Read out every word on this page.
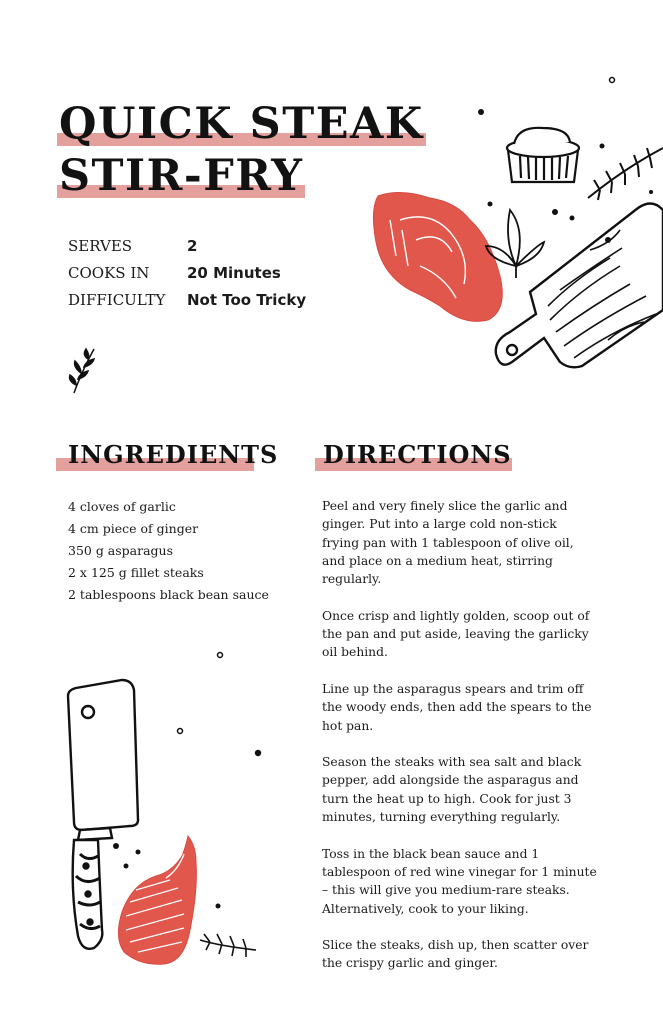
QUICK STEAK
STIR-FRY
SERVES	2
COOKS IN	20 Minutes
DIFFICULTY	Not Too Tricky
INGREDIENTS DIRECTIONS
4 cloves of garlic
4 cm piece of ginger
350 g asparagus
2 x 125 g fillet steaks
2 tablespoons black bean sauce

Peel and very finely slice the garlic and ginger. Put into a large cold non-stick frying pan with 1 tablespoon of olive oil, and place on a medium heat, stirring regularly.

Once crisp and lightly golden, scoop out of the pan and put aside, leaving the garlicky oil behind.

Line up the asparagus spears and trim off the woody ends, then add the spears to the hot pan.

Season the steaks with sea salt and black pepper, add alongside the asparagus and turn the heat up to high. Cook for just 3 minutes, turning everything regularly.

Toss in the black bean sauce and 1 tablespoon of red wine vinegar for 1 minute – this will give you medium-rare steaks. Alternatively, cook to your liking.

Slice the steaks, dish up, then scatter over the crispy garlic and ginger.
